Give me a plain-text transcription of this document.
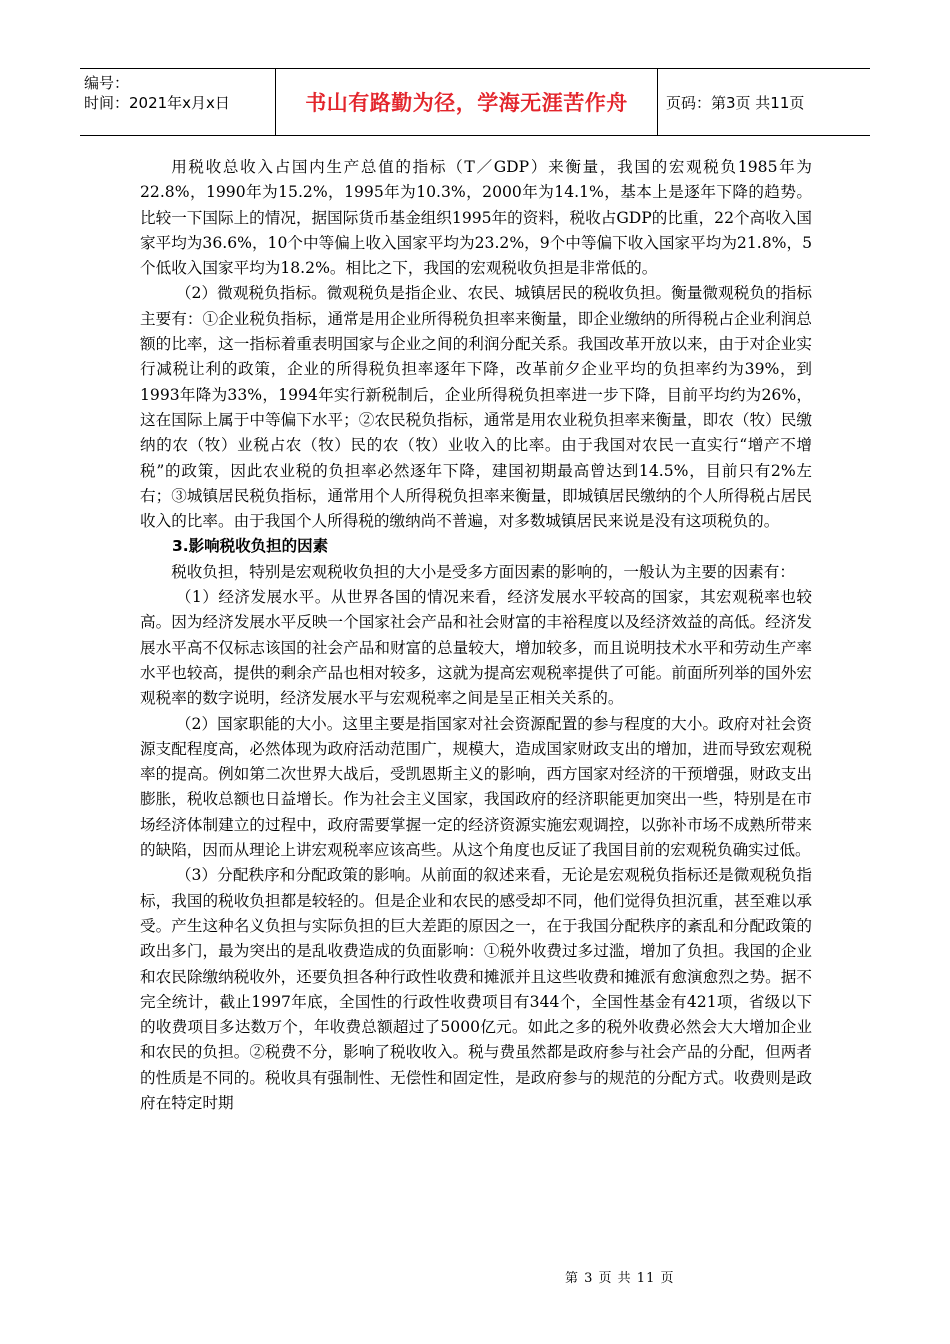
编号：
时间：2021年x月x日	书山有路勤为径，学海无涯苦作舟	页码：第3页 共11页

用税收总收入占国内生产总值的指标（T／GDP）来衡量，我国的宏观税负1985年为22.8%，1990年为15.2%，1995年为10.3%，2000年为14.1%，基本上是逐年下降的趋势。比较一下国际上的情况，据国际货币基金组织1995年的资料，税收占GDP的比重，22个高收入国家平均为36.6%，10个中等偏上收入国家平均为23.2%，9个中等偏下收入国家平均为21.8%，5个低收入国家平均为18.2%。相比之下，我国的宏观税收负担是非常低的。

（2）微观税负指标。微观税负是指企业、农民、城镇居民的税收负担。衡量微观税负的指标主要有：①企业税负指标，通常是用企业所得税负担率来衡量，即企业缴纳的所得税占企业利润总额的比率，这一指标着重表明国家与企业之间的利润分配关系。我国改革开放以来，由于对企业实行减税让利的政策，企业的所得税负担率逐年下降，改革前夕企业平均的负担率约为39%，到1993年降为33%，1994年实行新税制后，企业所得税负担率进一步下降，目前平均约为26%，这在国际上属于中等偏下水平；②农民税负指标，通常是用农业税负担率来衡量，即农（牧）民缴纳的农（牧）业税占农（牧）民的农（牧）业收入的比率。由于我国对农民一直实行“增产不增税”的政策，因此农业税的负担率必然逐年下降，建国初期最高曾达到14.5%，目前只有2%左右；③城镇居民税负指标，通常用个人所得税负担率来衡量，即城镇居民缴纳的个人所得税占居民收入的比率。由于我国个人所得税的缴纳尚不普遍，对多数城镇居民来说是没有这项税负的。

3.影响税收负担的因素

税收负担，特别是宏观税收负担的大小是受多方面因素的影响的，一般认为主要的因素有：

（1）经济发展水平。从世界各国的情况来看，经济发展水平较高的国家，其宏观税率也较高。因为经济发展水平反映一个国家社会产品和社会财富的丰裕程度以及经济效益的高低。经济发展水平高不仅标志该国的社会产品和财富的总量较大，增加较多，而且说明技术水平和劳动生产率水平也较高，提供的剩余产品也相对较多，这就为提高宏观税率提供了可能。前面所列举的国外宏观税率的数字说明，经济发展水平与宏观税率之间是呈正相关关系的。

（2）国家职能的大小。这里主要是指国家对社会资源配置的参与程度的大小。政府对社会资源支配程度高，必然体现为政府活动范围广，规模大，造成国家财政支出的增加，进而导致宏观税率的提高。例如第二次世界大战后，受凯恩斯主义的影响，西方国家对经济的干预增强，财政支出膨胀，税收总额也日益增长。作为社会主义国家，我国政府的经济职能更加突出一些，特别是在市场经济体制建立的过程中，政府需要掌握一定的经济资源实施宏观调控，以弥补市场不成熟所带来的缺陷，因而从理论上讲宏观税率应该高些。从这个角度也反证了我国目前的宏观税负确实过低。

（3）分配秩序和分配政策的影响。从前面的叙述来看，无论是宏观税负指标还是微观税负指标，我国的税收负担都是较轻的。但是企业和农民的感受却不同，他们觉得负担沉重，甚至难以承受。产生这种名义负担与实际负担的巨大差距的原因之一，在于我国分配秩序的紊乱和分配政策的政出多门，最为突出的是乱收费造成的负面影响：①税外收费过多过滥，增加了负担。我国的企业和农民除缴纳税收外，还要负担各种行政性收费和摊派并且这些收费和摊派有愈演愈烈之势。据不完全统计，截止1997年底，全国性的行政性收费项目有344个，全国性基金有421项，省级以下的收费项目多达数万个，年收费总额超过了5000亿元。如此之多的税外收费必然会大大增加企业和农民的负担。②税费不分，影响了税收收入。税与费虽然都是政府参与社会产品的分配，但两者的性质是不同的。税收具有强制性、无偿性和固定性，是政府参与的规范的分配方式。收费则是政府在特定时期

第 3 页 共 11 页
